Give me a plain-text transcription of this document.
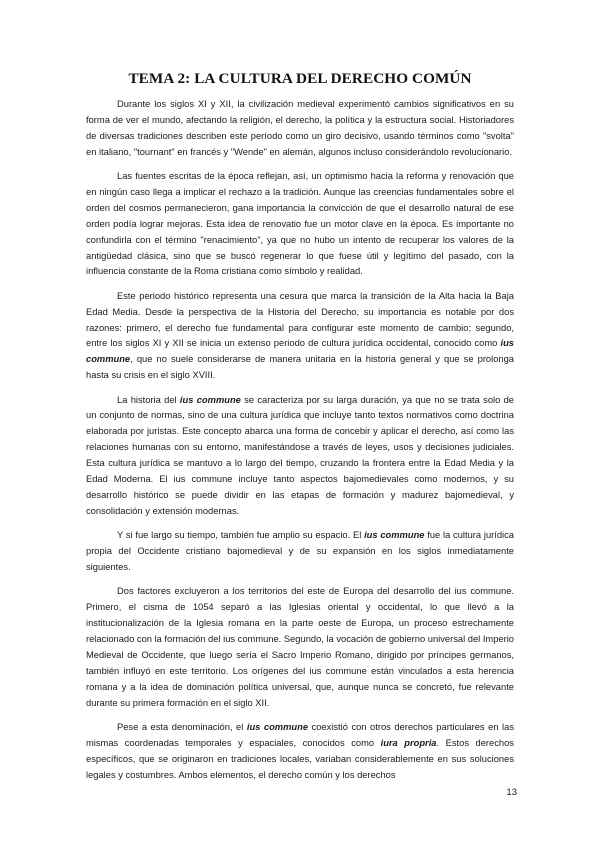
TEMA 2: LA CULTURA DEL DERECHO COMÚN

Durante los siglos XI y XII, la civilización medieval experimentó cambios significativos en su forma de ver el mundo, afectando la religión, el derecho, la política y la estructura social. Historiadores de diversas tradiciones describen este período como un giro decisivo, usando términos como "svolta" en italiano, "tournant" en francés y "Wende" en alemán, algunos incluso considerándolo revolucionario.

Las fuentes escritas de la época reflejan, así, un optimismo hacia la reforma y renovación que en ningún caso llega a implicar el rechazo a la tradición. Aunque las creencias fundamentales sobre el orden del cosmos permanecieron, gana importancia la convicción de que el desarrollo natural de ese orden podía lograr mejoras. Esta idea de renovatio fue un motor clave en la época. Es importante no confundirla con el término "renacimiento", ya que no hubo un intento de recuperar los valores de la antigüedad clásica, sino que se buscó regenerar lo que fuese útil y legítimo del pasado, con la influencia constante de la Roma cristiana como símbolo y realidad.

Este periodo histórico representa una cesura que marca la transición de la Alta hacia la Baja Edad Media. Desde la perspectiva de la Historia del Derecho, su importancia es notable por dos razones: primero, el derecho fue fundamental para configurar este momento de cambio; segundo, entre los siglos XI y XII se inicia un extenso periodo de cultura jurídica occidental, conocido como ius commune, que no suele considerarse de manera unitaria en la historia general y que se prolonga hasta su crisis en el siglo XVIII.

La historia del ius commune se caracteriza por su larga duración, ya que no se trata solo de un conjunto de normas, sino de una cultura jurídica que incluye tanto textos normativos como doctrina elaborada por juristas. Este concepto abarca una forma de concebir y aplicar el derecho, así como las relaciones humanas con su entorno, manifestándose a través de leyes, usos y decisiones judiciales. Esta cultura jurídica se mantuvo a lo largo del tiempo, cruzando la frontera entre la Edad Media y la Edad Moderna. El ius commune incluye tanto aspectos bajomedievales como modernos, y su desarrollo histórico se puede dividir en las etapas de formación y madurez bajomedieval, y consolidación y extensión modernas.

Y si fue largo su tiempo, también fue amplio su espacio. El ius commune fue la cultura jurídica propia del Occidente cristiano bajomedieval y de su expansión en los siglos inmediatamente siguientes.

Dos factores excluyeron a los territorios del este de Europa del desarrollo del ius commune. Primero, el cisma de 1054 separó a las Iglesias oriental y occidental, lo que llevó a la institucionalización de la Iglesia romana en la parte oeste de Europa, un proceso estrechamente relacionado con la formación del ius commune. Segundo, la vocación de gobierno universal del Imperio Medieval de Occidente, que luego sería el Sacro Imperio Romano, dirigido por príncipes germanos, también influyó en este territorio. Los orígenes del ius commune están vinculados a esta herencia romana y a la idea de dominación política universal, que, aunque nunca se concretó, fue relevante durante su primera formación en el siglo XII.

Pese a esta denominación, el ius commune coexistió con otros derechos particulares en las mismas coordenadas temporales y espaciales, conocidos como iura propria. Estos derechos específicos, que se originaron en tradiciones locales, variaban considerablemente en sus soluciones legales y costumbres. Ambos elementos, el derecho común y los derechos

13
